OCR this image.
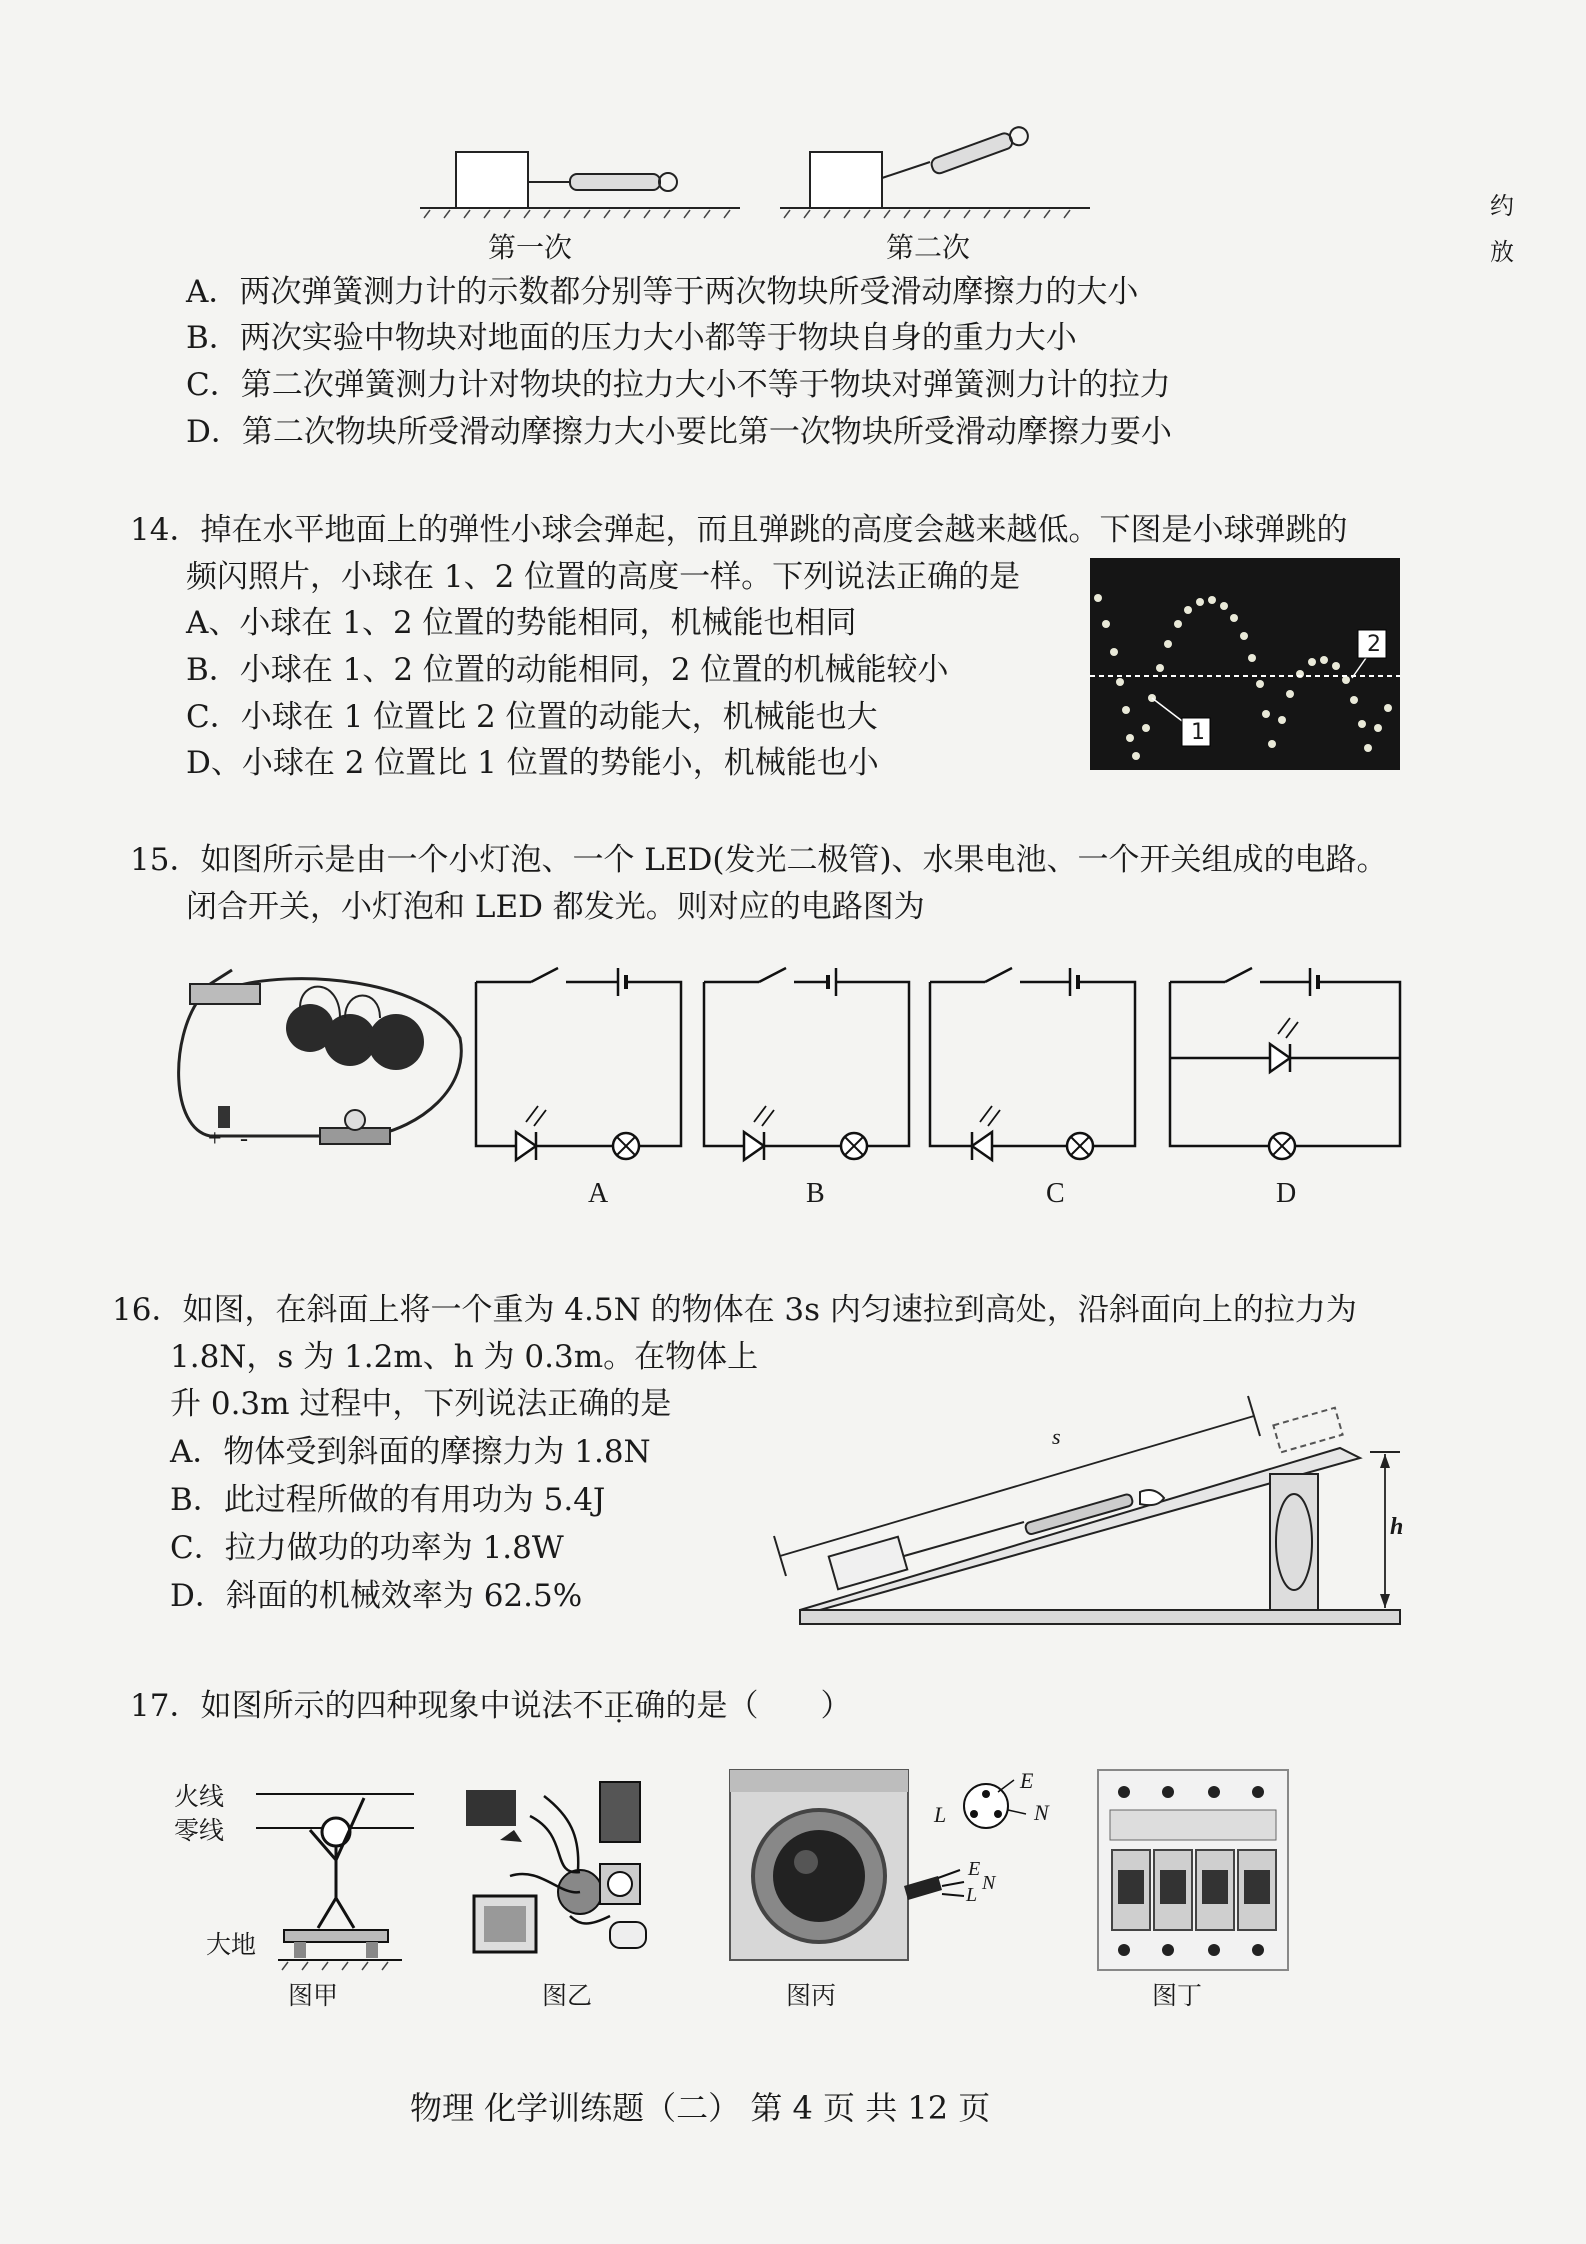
约
放
第一次	第二次
A．两次弹簧测力计的示数都分别等于两次物块所受滑动摩擦力的大小
B．两次实验中物块对地面的压力大小都等于物块自身的重力大小
C．第二次弹簧测力计对物块的拉力大小不等于物块对弹簧测力计的拉力
D．第二次物块所受滑动摩擦力大小要比第一次物块所受滑动摩擦力要小
14．掉在水平地面上的弹性小球会弹起，而且弹跳的高度会越来越低。下图是小球弹跳的
频闪照片，小球在 1、2 位置的高度一样。下列说法正确的是
A、小球在 1、2 位置的势能相同，机械能也相同
B．小球在 1、2 位置的动能相同，2 位置的机械能较小
C．小球在 1 位置比 2 位置的动能大，机械能也大
D、小球在 2 位置比 1 位置的势能小，机械能也小
1
2
15．如图所示是由一个小灯泡、一个 LED(发光二极管)、水果电池、一个开关组成的电路。
闭合开关，小灯泡和 LED 都发光。则对应的电路图为
+ -
A	B	C	D
16．如图，在斜面上将一个重为 4.5N 的物体在 3s 内匀速拉到高处，沿斜面向上的拉力为
1.8N，s 为 1.2m、h 为 0.3m。在物体上
升 0.3m 过程中，下列说法正确的是
A．物体受到斜面的摩擦力为 1.8N
B．此过程所做的有用功为 5.4J
C．拉力做功的功率为 1.8W
D．斜面的机械效率为 62.5%
s
h
17．如图所示的四种现象中说法不正确的是（　　）
火线
零线
大地
图甲	图乙
E
L	N
E
L
N
图丙	图丁
物理 化学训练题（二） 第 4 页 共 12 页
